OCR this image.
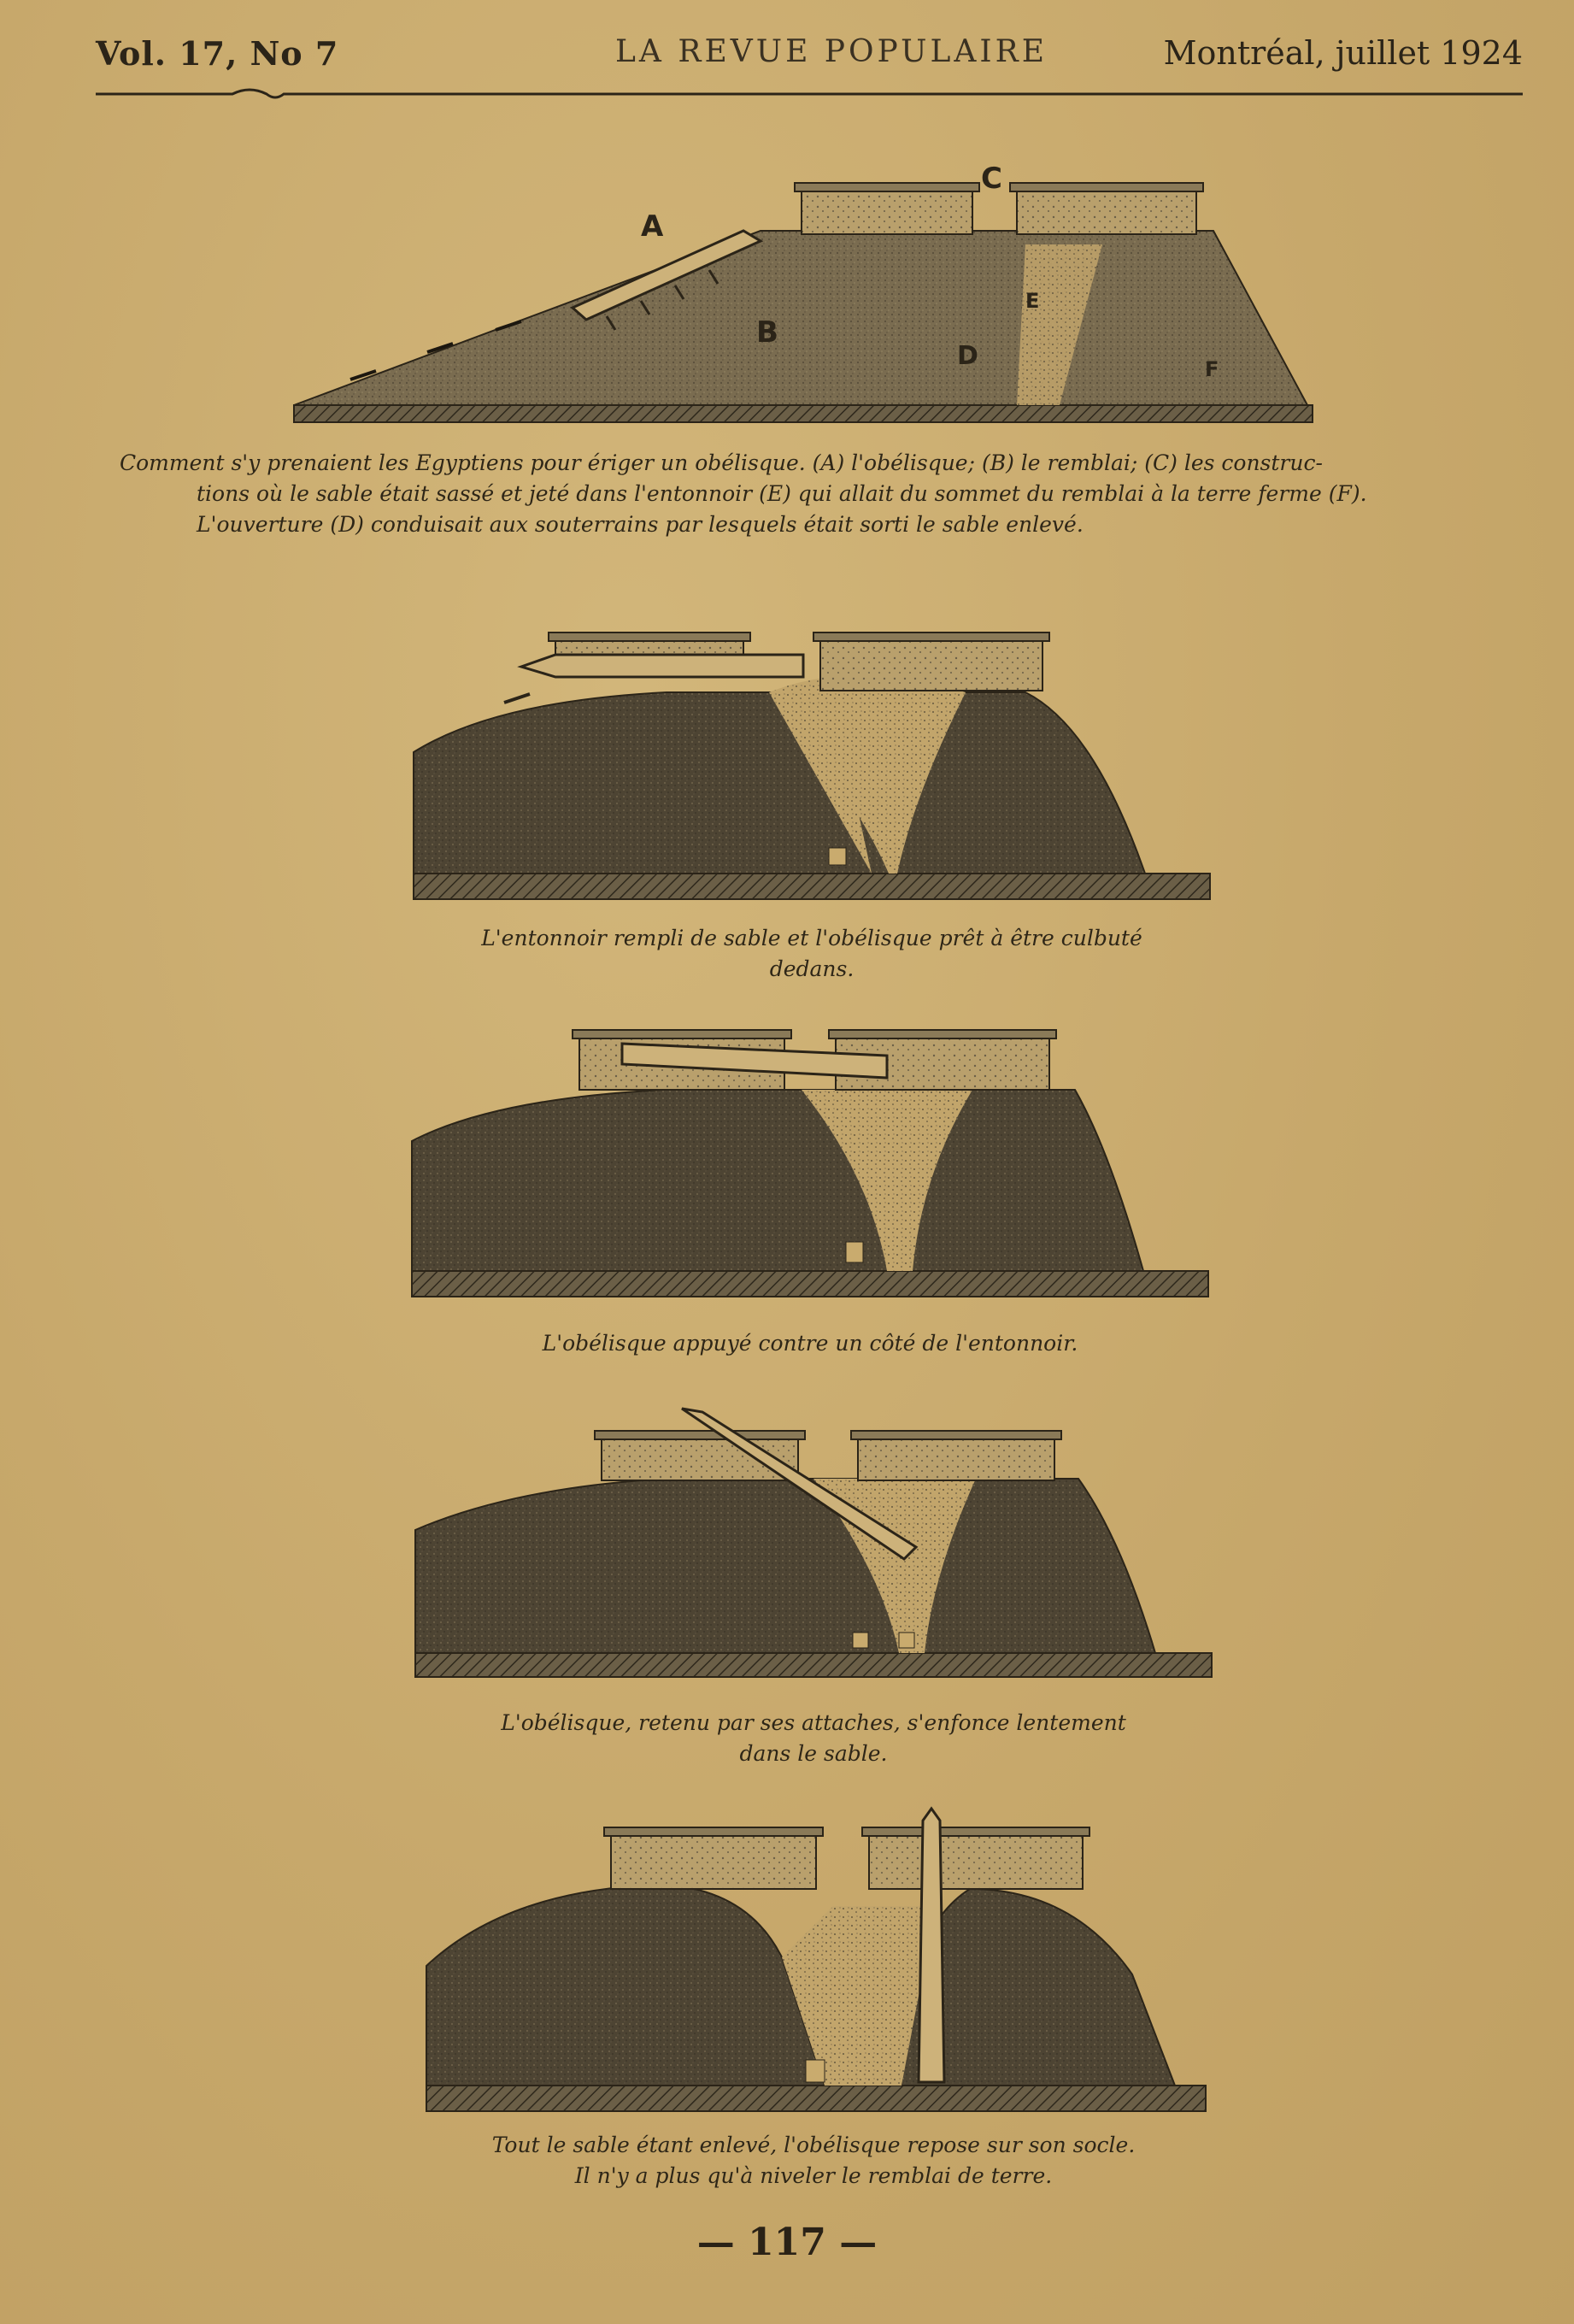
Vol. 17, No 7	LA REVUE POPULAIRE	Montréal, juillet 1924
A
B
C
D
E
F

Comment s'y prenaient les Egyptiens pour ériger un obélisque. (A) l'obélisque; (B) le remblai; (C) les construc-

tions où le sable était sassé et jeté dans l'entonnoir (E) qui allait du sommet du remblai à la terre ferme (F).

L'ouverture (D) conduisait aux souterrains par lesquels était sorti le sable enlevé.

L'entonnoir rempli de sable et l'obélisque prêt à être culbuté

dedans.

L'obélisque appuyé contre un côté de l'entonnoir.

L'obélisque, retenu par ses attaches, s'enfonce lentement

dans le sable.

Tout le sable étant enlevé, l'obélisque repose sur son socle.

Il n'y a plus qu'à niveler le remblai de terre.

— 117 —
